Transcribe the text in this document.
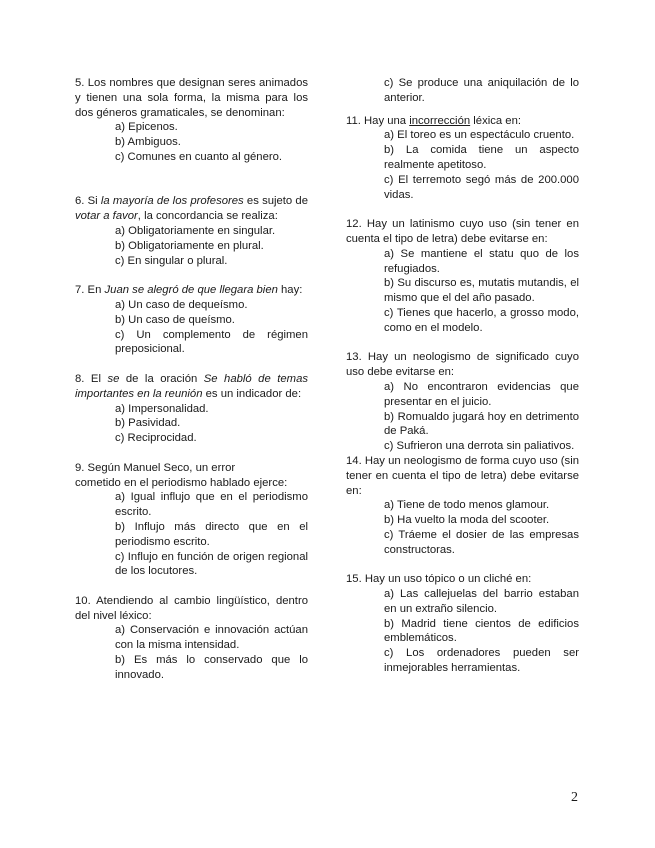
5. Los nombres que designan seres animados y tienen una sola forma, la misma para los dos géneros gramaticales, se denominan:
a) Epicenos.
b) Ambiguos.
c) Comunes en cuanto al género.
6. Si la mayoría de los profesores es sujeto de votar a favor, la concordancia se realiza:
a) Obligatoriamente en singular.
b) Obligatoriamente en plural.
c) En singular o plural.
7. En Juan se alegró de que llegara bien hay:
a) Un caso de dequeísmo.
b) Un caso de queísmo.
c) Un complemento de régimen preposicional.
8. El se de la oración Se habló de temas importantes en la reunión es un indicador de:
a) Impersonalidad.
b) Pasividad.
c) Reciprocidad.
9. Según Manuel Seco, un error
cometido en el periodismo hablado ejerce:
a) Igual influjo que en el periodismo escrito.
b) Influjo más directo que en el periodismo escrito.
c) Influjo en función de origen regional de los locutores.
10. Atendiendo al cambio lingüístico, dentro del nivel léxico:
a) Conservación e innovación actúan con la misma intensidad.
b) Es más lo conservado que lo innovado.
c) Se produce una aniquilación de lo anterior.
11. Hay una incorrección léxica en:
a) El toreo es un espectáculo cruento.
b) La comida tiene un aspecto realmente apetitoso.
c) El terremoto segó más de 200.000 vidas.
12. Hay un latinismo cuyo uso (sin tener en cuenta el tipo de letra) debe evitarse en:
a) Se mantiene el statu quo de los refugiados.
b) Su discurso es, mutatis mutandis, el mismo que el del año pasado.
c) Tienes que hacerlo, a grosso modo, como en el modelo.
13. Hay un neologismo de significado cuyo uso debe evitarse en:
a) No encontraron evidencias que presentar en el juicio.
b) Romualdo jugará hoy en detrimento de Paká.
c) Sufrieron una derrota sin paliativos.
14. Hay un neologismo de forma cuyo uso (sin tener en cuenta el tipo de letra) debe evitarse en:
a) Tiene de todo menos glamour.
b) Ha vuelto la moda del scooter.
c) Tráeme el dosier de las empresas constructoras.
15. Hay un uso tópico o un cliché en:
a) Las callejuelas del barrio estaban en un extraño silencio.
b) Madrid tiene cientos de edificios emblemáticos.
c) Los ordenadores pueden ser inmejorables herramientas.
2
